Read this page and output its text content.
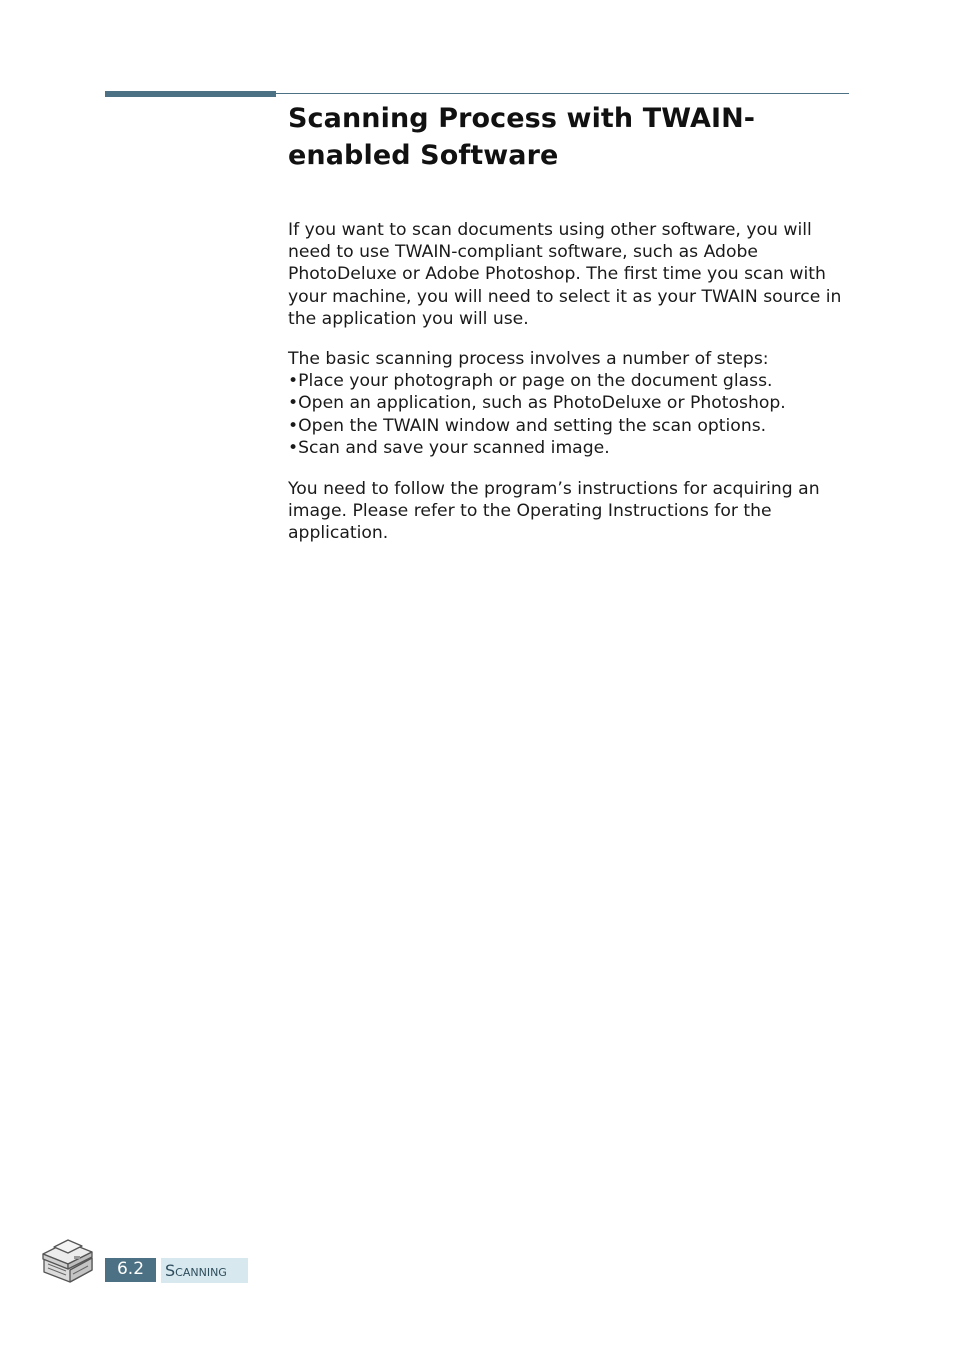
Scanning Process with TWAIN-enabled Software

If you want to scan documents using other software, you will need to use TWAIN-compliant software, such as Adobe PhotoDeluxe or Adobe Photoshop. The first time you scan with your machine, you will need to select it as your TWAIN source in the application you will use.

The basic scanning process involves a number of steps:

• Place your photograph or page on the document glass.
• Open an application, such as PhotoDeluxe or Photoshop.
• Open the TWAIN window and setting the scan options.
• Scan and save your scanned image.

You need to follow the program’s instructions for acquiring an image. Please refer to the Operating Instructions for the application.

6.2	Scanning
